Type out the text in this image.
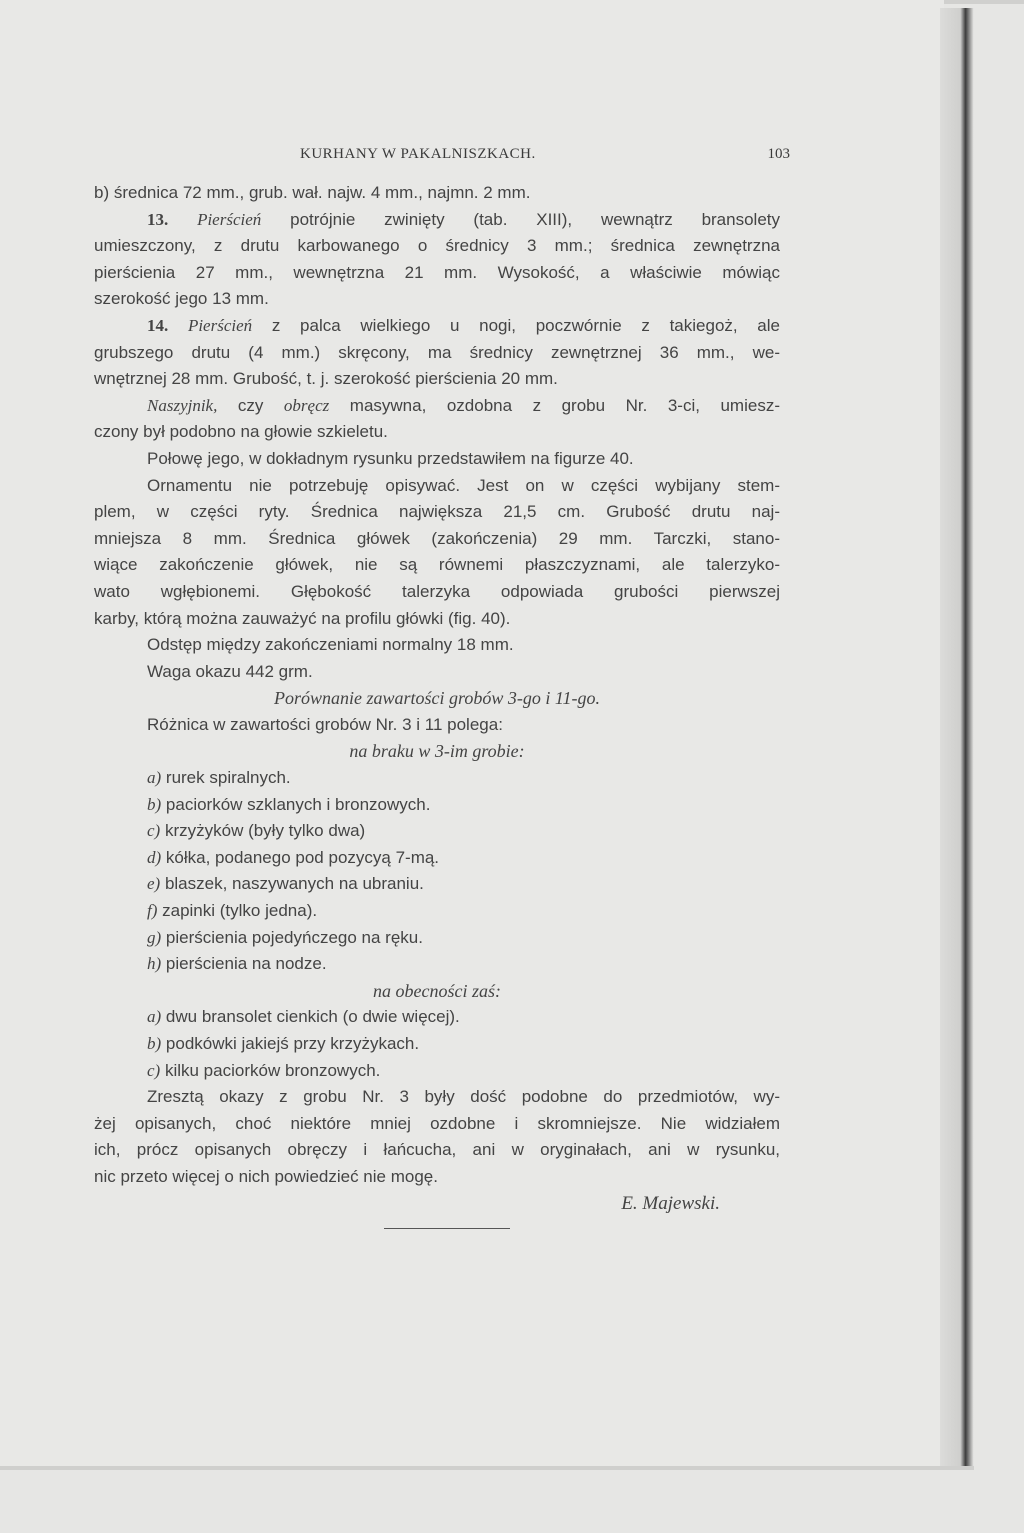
KURHANY W PAKALNISZKACH.	103
b) średnica 72 mm., grub. wał. najw. 4 mm., najmn. 2 mm.
13. Pierścień potrójnie zwinięty (tab. XIII), wewnątrz bransolety
umieszczony, z drutu karbowanego o średnicy 3 mm.; średnica zewnętrzna
pierścienia 27 mm., wewnętrzna 21 mm. Wysokość, a właściwie mówiąc
szerokość jego 13 mm.
14. Pierścień z palca wielkiego u nogi, poczwórnie z takiegoż, ale
grubszego drutu (4 mm.) skręcony, ma średnicy zewnętrznej 36 mm., we-
wnętrznej 28 mm. Grubość, t. j. szerokość pierścienia 20 mm.
Naszyjnik, czy obręcz masywna, ozdobna z grobu Nr. 3-ci, umiesz-
czony był podobno na głowie szkieletu.
Połowę jego, w dokładnym rysunku przedstawiłem na figurze 40.
Ornamentu nie potrzebuję opisywać. Jest on w części wybijany stem-
plem, w części ryty. Średnica największa 21,5 cm. Grubość drutu naj-
mniejsza 8 mm. Średnica główek (zakończenia) 29 mm. Tarczki, stano-
wiące zakończenie główek, nie są równemi płaszczyznami, ale talerzyko-
wato wgłębionemi. Głębokość talerzyka odpowiada grubości pierwszej
karby, którą można zauważyć na profilu główki (fig. 40).
Odstęp między zakończeniami normalny 18 mm.
Waga okazu 442 grm.
Porównanie zawartości grobów 3-go i 11-go.
Różnica w zawartości grobów Nr. 3 i 11 polega:
na braku w 3-im grobie:
a) rurek spiralnych.
b) paciorków szklanych i bronzowych.
c) krzyżyków (były tylko dwa)
d) kółka, podanego pod pozycyą 7-mą.
e) blaszek, naszywanych na ubraniu.
f) zapinki (tylko jedna).
g) pierścienia pojedyńczego na ręku.
h) pierścienia na nodze.
na obecności zaś:
a) dwu bransolet cienkich (o dwie więcej).
b) podkówki jakiejś przy krzyżykach.
c) kilku paciorków bronzowych.
Zresztą okazy z grobu Nr. 3 były dość podobne do przedmiotów, wy-
żej opisanych, choć niektóre mniej ozdobne i skromniejsze. Nie widziałem
ich, prócz opisanych obręczy i łańcucha, ani w oryginałach, ani w rysunku,
nic przeto więcej o nich powiedzieć nie mogę.
E. Majewski.
